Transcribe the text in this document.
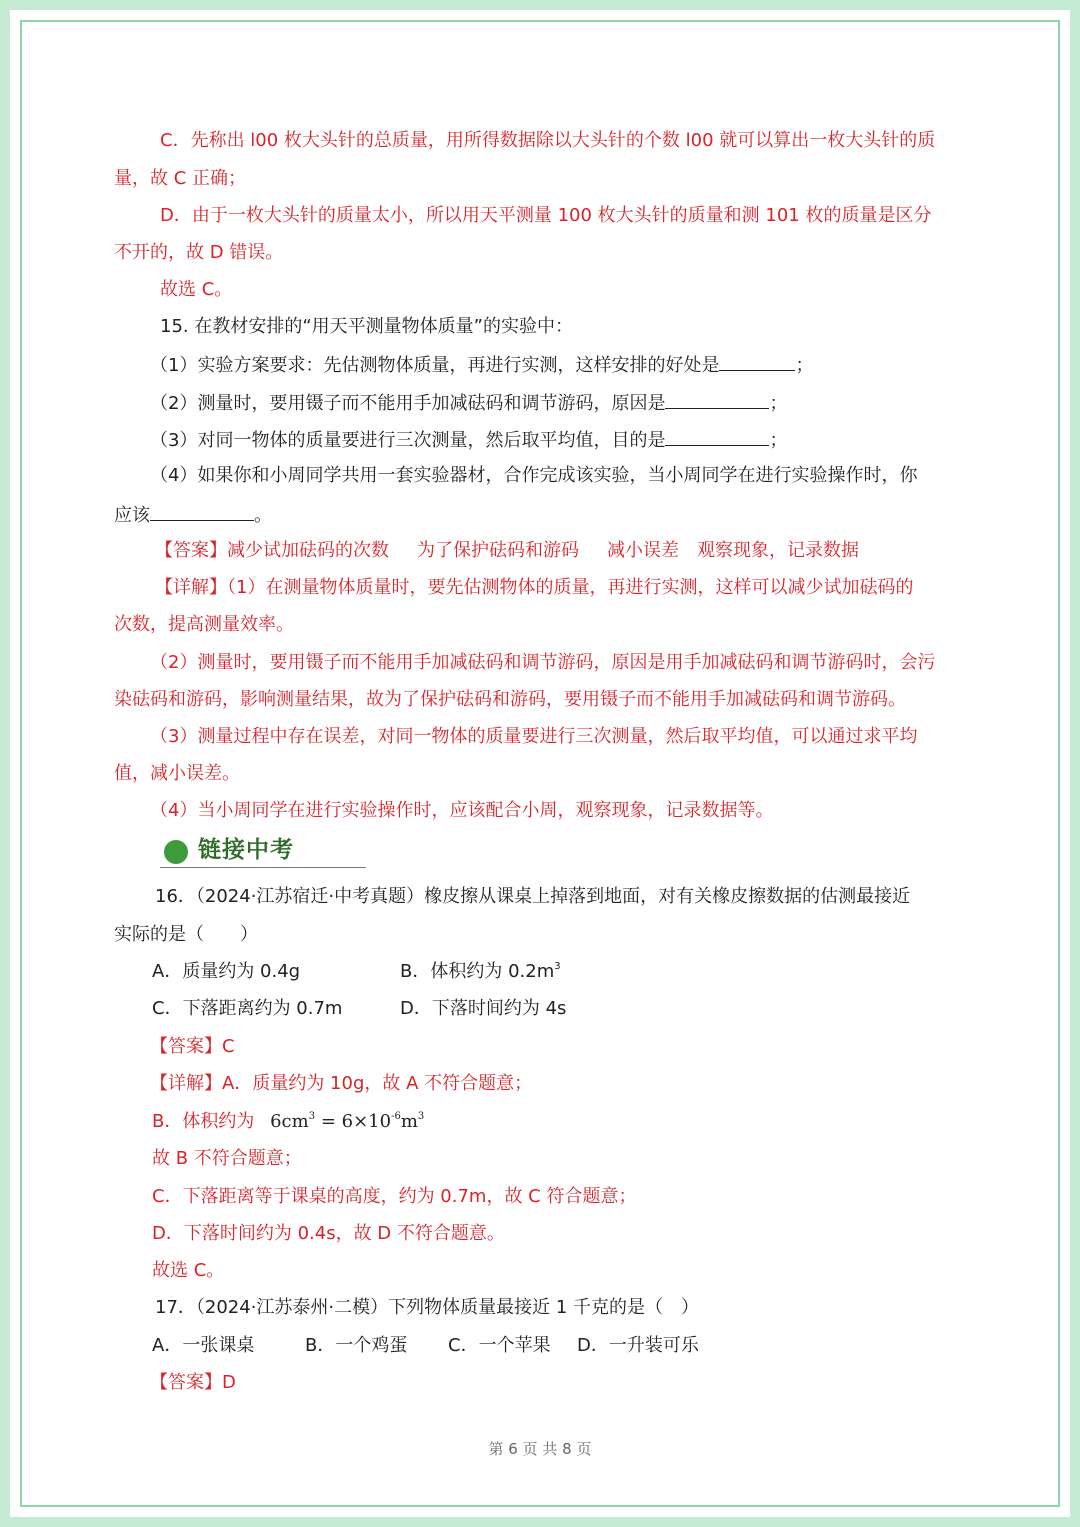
C．先称出 l00 枚大头针的总质量，用所得数据除以大头针的个数 l00 就可以算出一枚大头针的质
量，故 C 正确；
D．由于一枚大头针的质量太小，所以用天平测量 100 枚大头针的质量和测 101 枚的质量是区分
不开的，故 D 错误。
故选 C。
15. 在教材安排的“用天平测量物体质量”的实验中：
（1）实验方案要求：先估测物体质量，再进行实测，这样安排的好处是	；
（2）测量时，要用镊子而不能用手加减砝码和调节游码，原因是	；
（3）对同一物体的质量要进行三次测量，然后取平均值，目的是	；
（4）如果你和小周同学共用一套实验器材，合作完成该实验，当小周同学在进行实验操作时，你
应该	。
【答案】减少试加砝码的次数 为了保护砝码和游码 减小误差 观察现象，记录数据
【详解】（1）在测量物体质量时，要先估测物体的质量，再进行实测，这样可以减少试加砝码的
次数，提高测量效率。
（2）测量时，要用镊子而不能用手加减砝码和调节游码，原因是用手加减砝码和调节游码时，会污
染砝码和游码，影响测量结果，故为了保护砝码和游码，要用镊子而不能用手加减砝码和调节游码。
（3）测量过程中存在误差，对同一物体的质量要进行三次测量，然后取平均值，可以通过求平均
值，减小误差。
（4）当小周同学在进行实验操作时，应该配合小周，观察现象，记录数据等。
链接中考
16．（2024·江苏宿迁·中考真题）橡皮擦从课桌上掉落到地面，对有关橡皮擦数据的估测最接近
实际的是（　　）
A．质量约为 0.4g	B．体积约为 $0.2m^3$
C．下落距离约为 0.7m	D．下落时间约为 4s
【答案】C
【详解】A．质量约为 10g，故 A 不符合题意；
B．体积约为 $6cm^3 = 6\times 10^{-6}m^3$
故 B 不符合题意；
C．下落距离等于课桌的高度，约为 0.7m，故 C 符合题意；
D．下落时间约为 0.4s，故 D 不符合题意。
故选 C。
17．（2024·江苏泰州·二模）下列物体质量最接近 1 千克的是（　）
A．一张课桌	B．一个鸡蛋 C．一个苹果 D．一升装可乐
【答案】D
第 6 页 共 8 页
